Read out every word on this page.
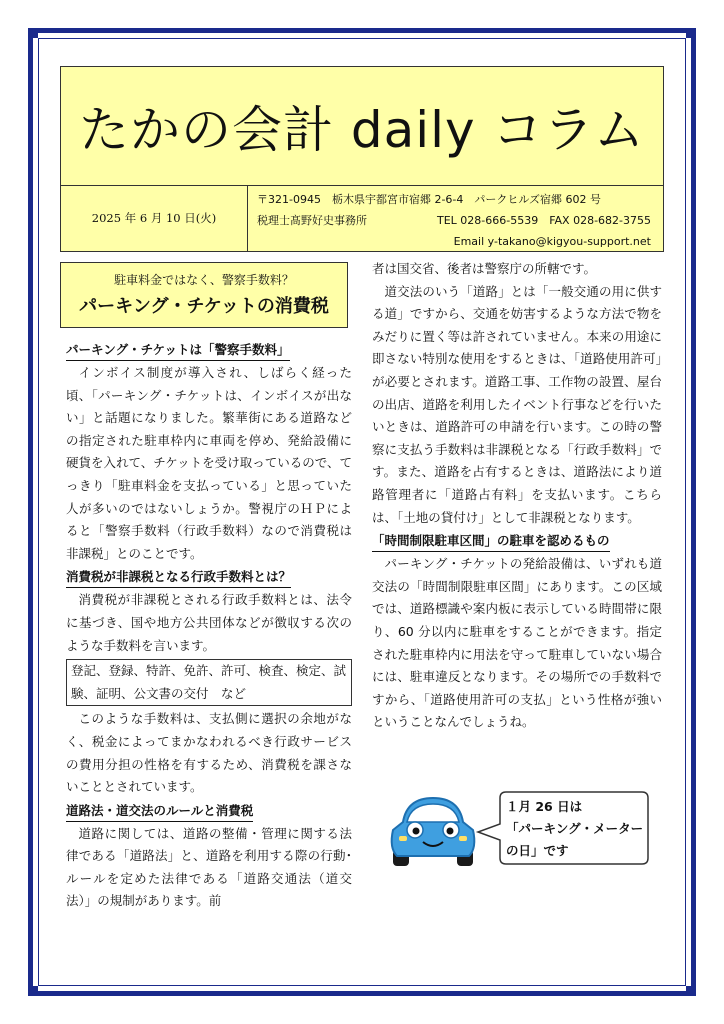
たかの会計 daily コラム
2025 年 6 月 10 日(火)
〒321-0945　栃木県宇都宮市宿郷 2-6-4　パークヒルズ宿郷 602 号
税理士髙野好史事務所	TEL 028-666-5539　FAX 028-682-3755
Email y-takano@kigyou-support.net
駐車料金ではなく、警察手数料？
パーキング・チケットの消費税
パーキング・チケットは「警察手数料」

インボイス制度が導入され、しばらく経った頃、「パーキング・チケットは、インボイスが出ない」と話題になりました。繁華街にある道路などの指定された駐車枠内に車両を停め、発給設備に硬貨を入れて、チケットを受け取っているので、てっきり「駐車料金を支払っている」と思っていた人が多いのではないしょうか。警視庁のＨＰによると「警察手数料（行政手数料）なので消費税は非課税」とのことです。

消費税が非課税となる行政手数料とは？

消費税が非課税とされる行政手数料とは、法令に基づき、国や地方公共団体などが徴収する次のような手数料を言います。

登記、登録、特許、免許、許可、検査、検定、試験、証明、公文書の交付　など

このような手数料は、支払側に選択の余地がなく、税金によってまかなわれるべき行政サービスの費用分担の性格を有するため、消費税を課さないこととされています。

道路法・道交法のルールと消費税

道路に関しては、道路の整備・管理に関する法律である「道路法」と、道路を利用する際の行動･ルールを定めた法律である「道路交通法（道交法）」の規制があります。前

者は国交省、後者は警察庁の所轄です。

道交法のいう「道路」とは「一般交通の用に供する道」ですから、交通を妨害するような方法で物をみだりに置く等は許されていません。本来の用途に即さない特別な使用をするときは、「道路使用許可」が必要とされます。道路工事、工作物の設置、屋台の出店、道路を利用したイベント行事などを行いたいときは、道路許可の申請を行います。この時の警察に支払う手数料は非課税となる「行政手数料」です。また、道路を占有するときは、道路法により道路管理者に「道路占有料」を支払います。こちらは、「土地の貸付け」として非課税となります。

「時間制限駐車区間」の駐車を認めるもの

パーキング・チケットの発給設備は、いずれも道交法の「時間制限駐車区間」にあります。この区域では、道路標識や案内板に表示している時間帯に限り、60 分以内に駐車をすることができます。指定された駐車枠内に用法を守って駐車していない場合には、駐車違反となります。その場所での手数料ですから、「道路使用許可の支払」という性格が強いということなんでしょうね。

１月 26 日は
「パーキング・メーター
の日」です
